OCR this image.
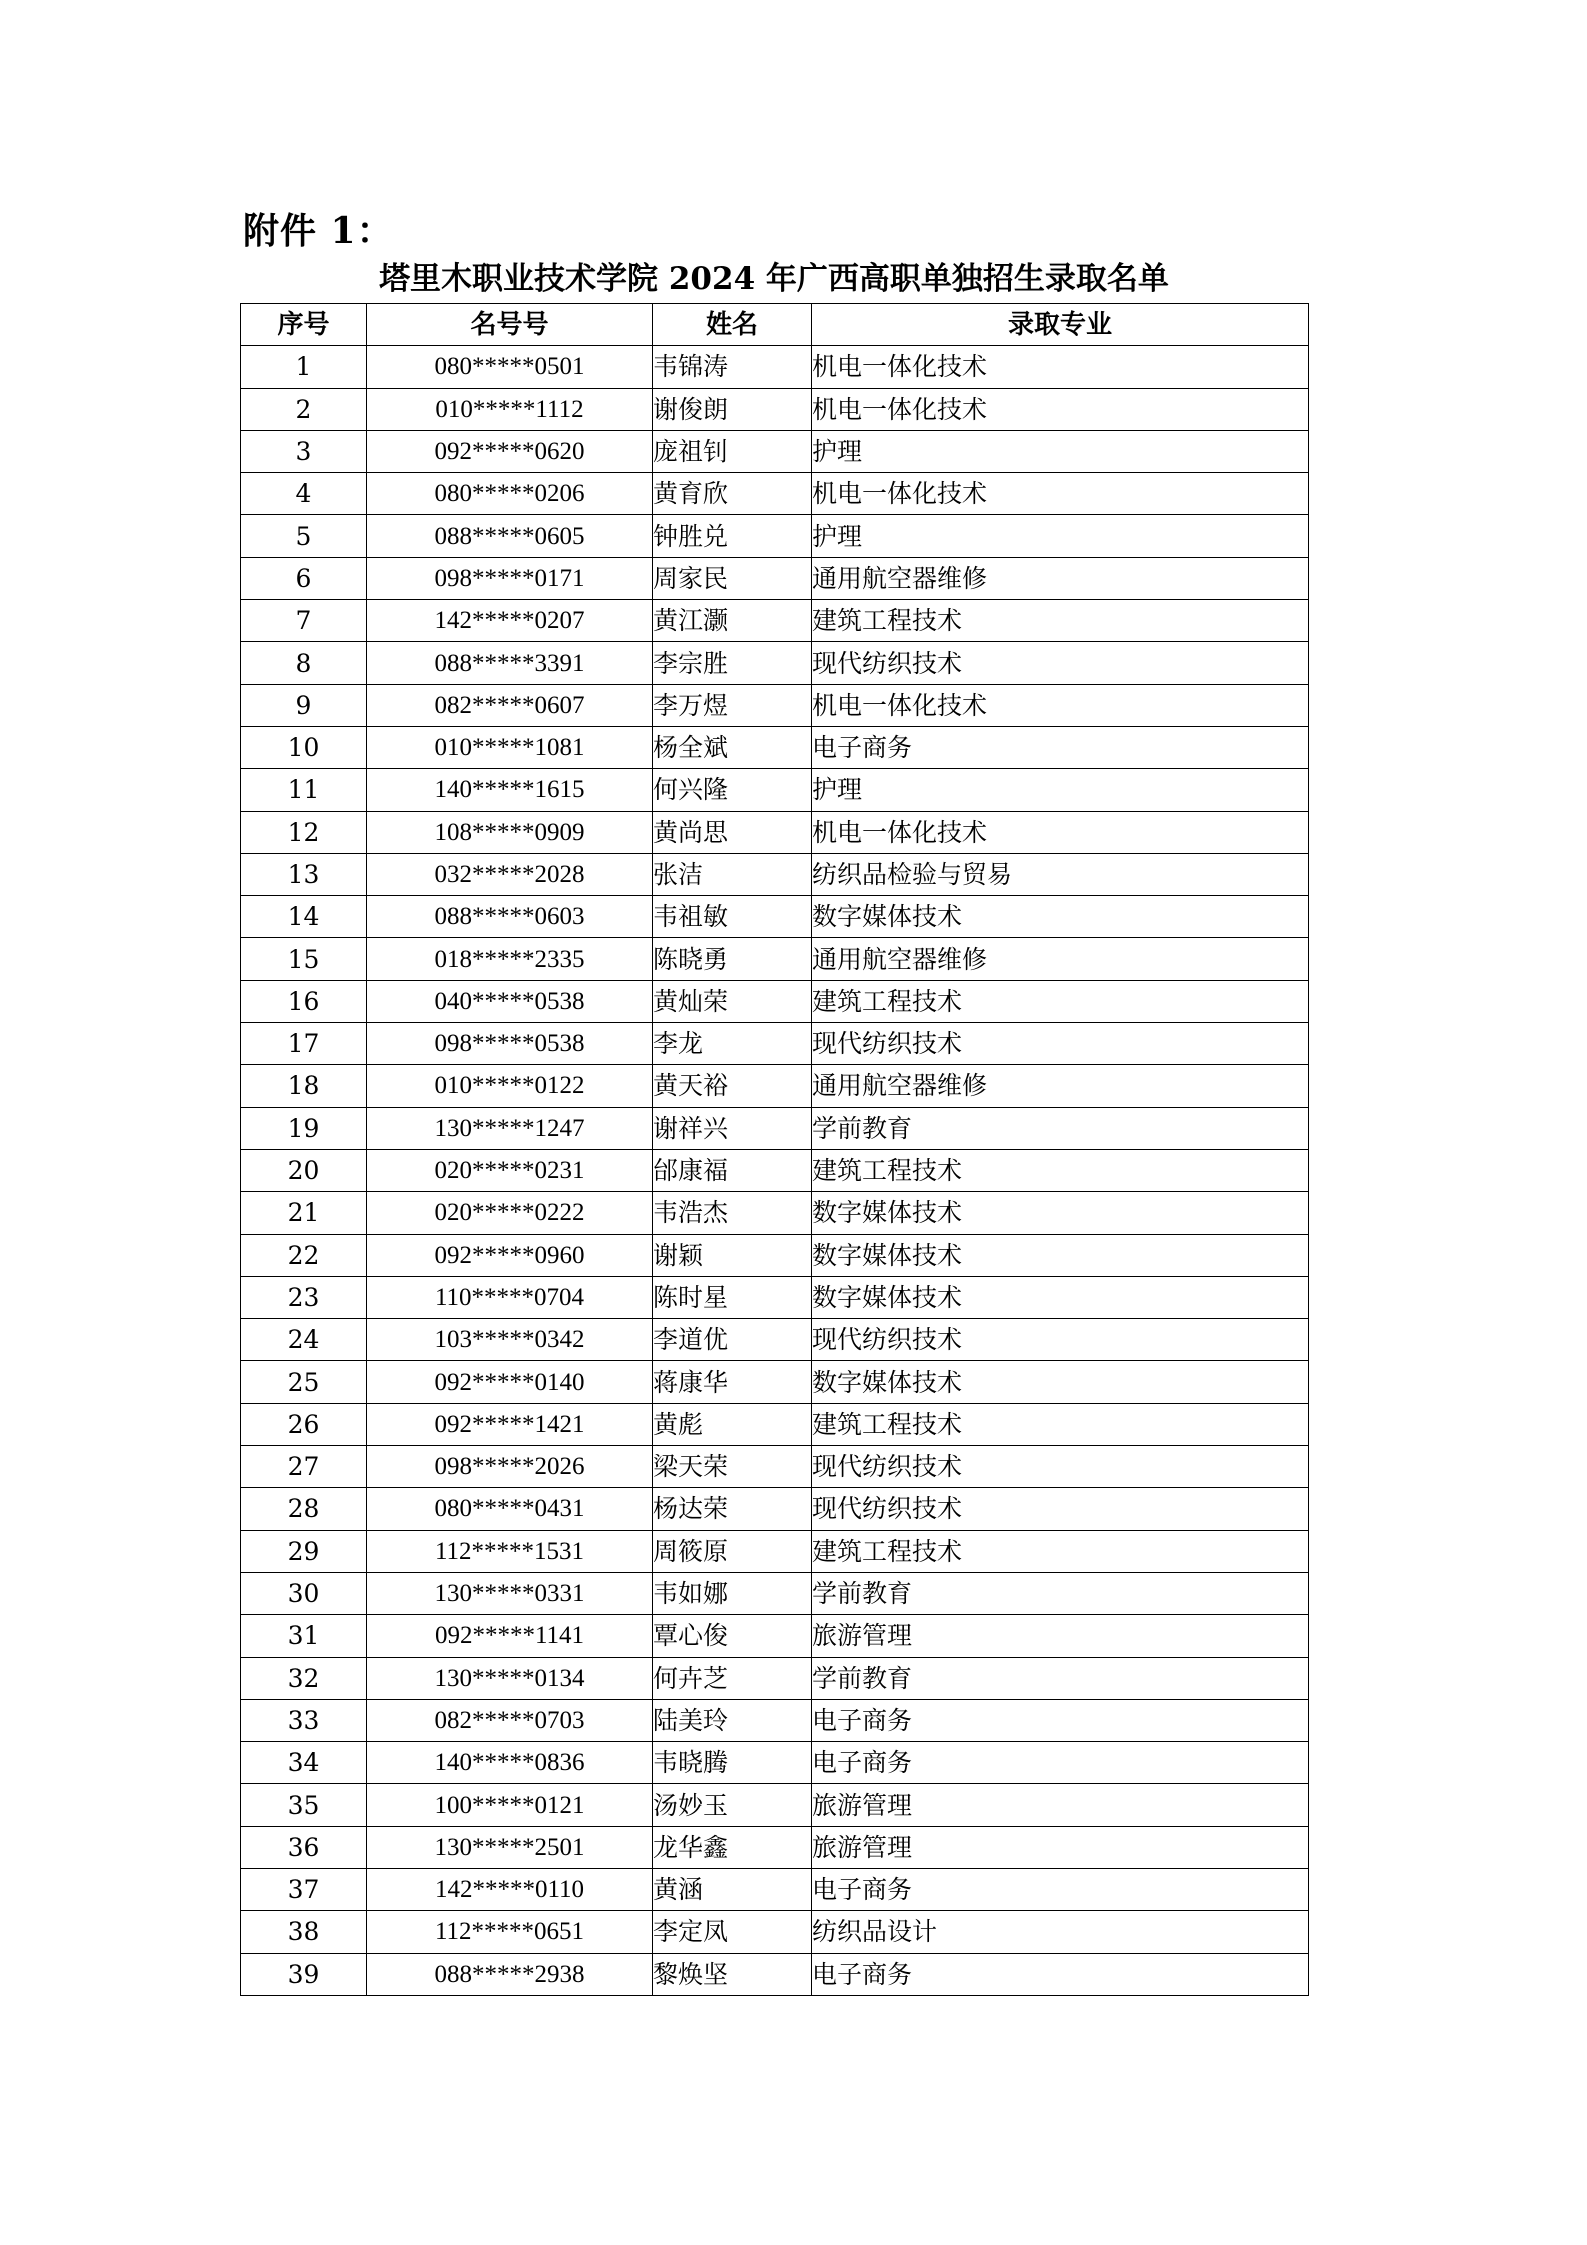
附件 1：
塔里木职业技术学院 2024 年广西高职单独招生录取名单
序号	名号号	姓名	录取专业
1	080*****0501	韦锦涛	机电一体化技术
2	010*****1112	谢俊朗	机电一体化技术
3	092*****0620	庞祖钊	护理
4	080*****0206	黄育欣	机电一体化技术
5	088*****0605	钟胜兑	护理
6	098*****0171	周家民	通用航空器维修
7	142*****0207	黄江灏	建筑工程技术
8	088*****3391	李宗胜	现代纺织技术
9	082*****0607	李万煜	机电一体化技术
10	010*****1081	杨全斌	电子商务
11	140*****1615	何兴隆	护理
12	108*****0909	黄尚思	机电一体化技术
13	032*****2028	张洁	纺织品检验与贸易
14	088*****0603	韦祖敏	数字媒体技术
15	018*****2335	陈晓勇	通用航空器维修
16	040*****0538	黄灿荣	建筑工程技术
17	098*****0538	李龙	现代纺织技术
18	010*****0122	黄天裕	通用航空器维修
19	130*****1247	谢祥兴	学前教育
20	020*****0231	邰康福	建筑工程技术
21	020*****0222	韦浩杰	数字媒体技术
22	092*****0960	谢颖	数字媒体技术
23	110*****0704	陈时星	数字媒体技术
24	103*****0342	李道优	现代纺织技术
25	092*****0140	蒋康华	数字媒体技术
26	092*****1421	黄彪	建筑工程技术
27	098*****2026	梁天荣	现代纺织技术
28	080*****0431	杨达荣	现代纺织技术
29	112*****1531	周筱原	建筑工程技术
30	130*****0331	韦如娜	学前教育
31	092*****1141	覃心俊	旅游管理
32	130*****0134	何卉芝	学前教育
33	082*****0703	陆美玲	电子商务
34	140*****0836	韦晓腾	电子商务
35	100*****0121	汤妙玉	旅游管理
36	130*****2501	龙华鑫	旅游管理
37	142*****0110	黄涵	电子商务
38	112*****0651	李定凤	纺织品设计
39	088*****2938	黎焕坚	电子商务
